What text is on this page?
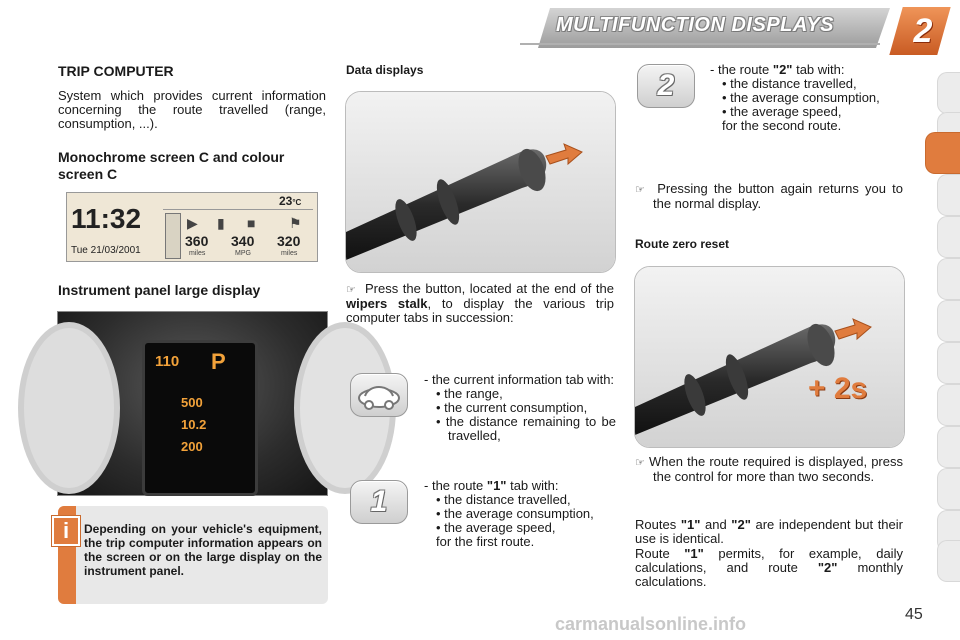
MULTIFUNCTION DISPLAYS	2
TRIP COMPUTER
System which provides current information concerning the route travelled (range, consumption, ...).
Monochrome screen C and colour screen C
11:32
Tue 21/03/2001
23°C
▶ ▮ ■ ⚑
360 340 320
miles	MPG	miles
Instrument panel large display
110 P
500
10.2
200
i	Depending on your vehicle's equipment, the trip computer information appears on the screen or on the large display on the instrument panel.
Data displays
☞ Press the button, located at the end of the wipers stalk, to display the various trip computer tabs in succession:
- the current information tab with:
• the range,
• the current consumption,
• the distance remaining to be travelled,
1	- the route "1" tab with:
• the distance travelled,
• the average consumption,
• the average speed,
for the first route.
2	- the route "2" tab with:
• the distance travelled,
• the average consumption,
• the average speed,
for the second route.
☞ Pressing the button again returns you to the normal display.
Route zero reset
+ 2s
☞ When the route required is displayed, press the control for more than two seconds.
Routes "1" and "2" are independent but their use is identical.
Route "1" permits, for example, daily calculations, and route "2" monthly calculations.
carmanualsonline.info	45
